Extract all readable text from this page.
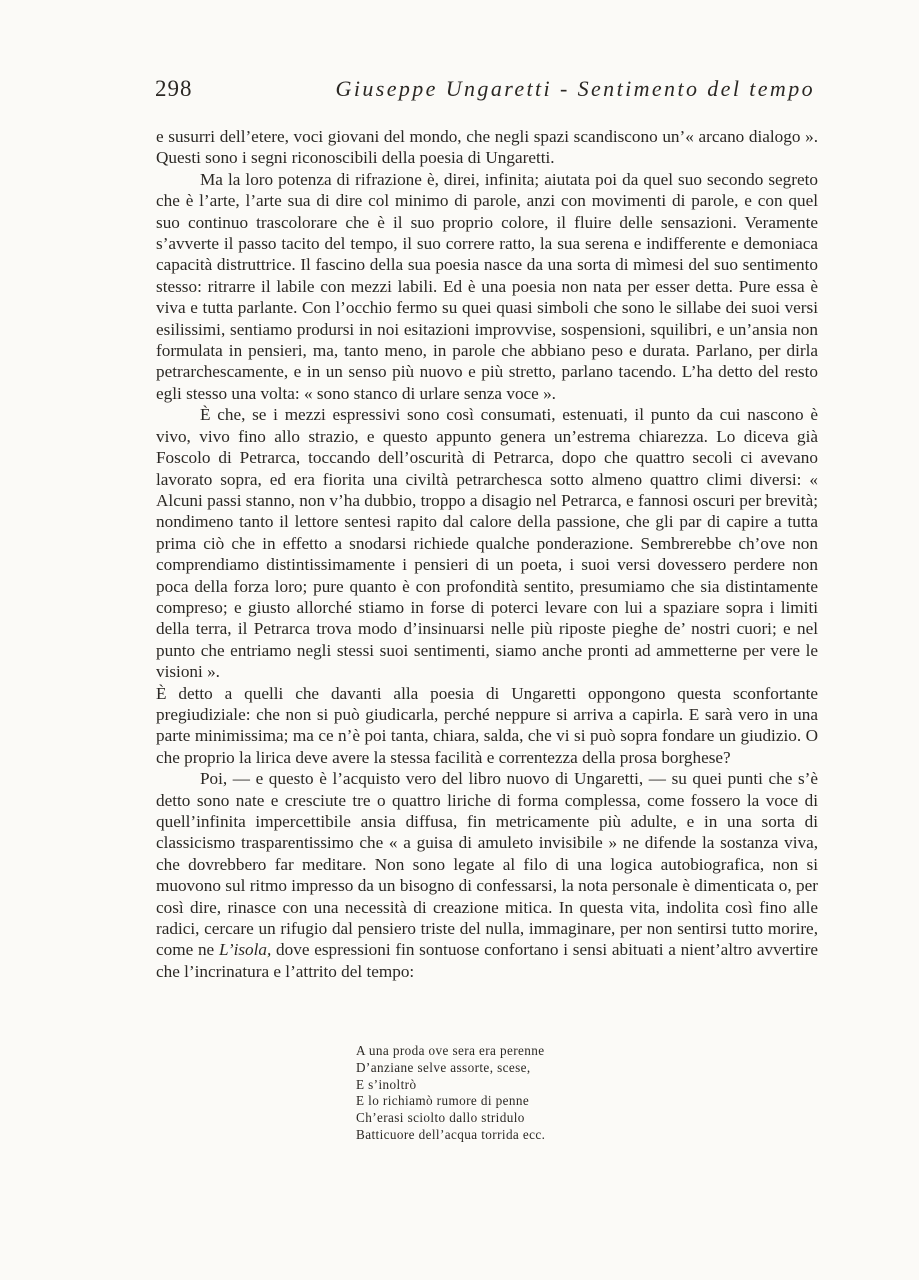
298	Giuseppe Ungaretti - Sentimento del tempo

e susurri dell’etere, voci giovani del mondo, che negli spazi scandiscono un’« arcano dialogo ». Questi sono i segni riconoscibili della poesia di Ungaretti.

Ma la loro potenza di rifrazione è, direi, infinita; aiutata poi da quel suo secondo segreto che è l’arte, l’arte sua di dire col minimo di parole, anzi con movimenti di parole, e con quel suo continuo trascolorare che è il suo proprio colore, il fluire delle sensazioni. Veramente s’avverte il passo tacito del tempo, il suo correre ratto, la sua serena e indifferente e demoniaca capacità distruttrice. Il fascino della sua poesia nasce da una sorta di mìmesi del suo sentimento stesso: ritrarre il labile con mezzi labili. Ed è una poesia non nata per esser detta. Pure essa è viva e tutta parlante. Con l’occhio fermo su quei quasi simboli che sono le sillabe dei suoi versi esilissimi, sentiamo prodursi in noi esitazioni improvvise, sospensioni, squilibri, e un’ansia non formulata in pensieri, ma, tanto meno, in parole che abbiano peso e durata. Parlano, per dirla petrarchescamente, e in un senso più nuovo e più stretto, parlano tacendo. L’ha detto del resto egli stesso una volta: « sono stanco di urlare senza voce ».

È che, se i mezzi espressivi sono così consumati, estenuati, il punto da cui nascono è vivo, vivo fino allo strazio, e questo appunto genera un’estrema chiarezza. Lo diceva già Foscolo di Petrarca, toccando dell’oscurità di Petrarca, dopo che quattro secoli ci avevano lavorato sopra, ed era fiorita una civiltà petrarchesca sotto almeno quattro climi diversi: « Alcuni passi stanno, non v’ha dubbio, troppo a disagio nel Petrarca, e fannosi oscuri per brevità; nondimeno tanto il lettore sentesi rapito dal calore della passione, che gli par di capire a tutta prima ciò che in effetto a snodarsi richiede qualche ponderazione. Sembrerebbe ch’ove non comprendiamo distintissimamente i pensieri di un poeta, i suoi versi dovessero perdere non poca della forza loro; pure quanto è con profondità sentito, presumiamo che sia distintamente compreso; e giusto allorché stiamo in forse di poterci levare con lui a spaziare sopra i limiti della terra, il Petrarca trova modo d’insinuarsi nelle più riposte pieghe de’ nostri cuori; e nel punto che entriamo negli stessi suoi sentimenti, siamo anche pronti ad ammetterne per vere le visioni ».

È detto a quelli che davanti alla poesia di Ungaretti oppongono questa sconfortante pregiudiziale: che non si può giudicarla, perché neppure si arriva a capirla. E sarà vero in una parte minimissima; ma ce n’è poi tanta, chiara, salda, che vi si può sopra fondare un giudizio. O che proprio la lirica deve avere la stessa facilità e correntezza della prosa borghese?

Poi, — e questo è l’acquisto vero del libro nuovo di Ungaretti, — su quei punti che s’è detto sono nate e cresciute tre o quattro liriche di forma complessa, come fossero la voce di quell’infinita impercettibile ansia diffusa, fin metricamente più adulte, e in una sorta di classicismo trasparentissimo che « a guisa di amuleto invisibile » ne difende la sostanza viva, che dovrebbero far meditare. Non sono legate al filo di una logica autobiografica, non si muovono sul ritmo impresso da un bisogno di confessarsi, la nota personale è dimenticata o, per così dire, rinasce con una necessità di creazione mitica. In questa vita, indolita così fino alle radici, cercare un rifugio dal pensiero triste del nulla, immaginare, per non sentirsi tutto morire, come ne L’isola, dove espressioni fin sontuose confortano i sensi abituati a nient’altro avvertire che l’incrinatura e l’attrito del tempo:

A una proda ove sera era perenne
D’anziane selve assorte, scese,
E s’inoltrò
E lo richiamò rumore di penne
Ch’erasi sciolto dallo stridulo
Batticuore dell’acqua torrida ecc.
